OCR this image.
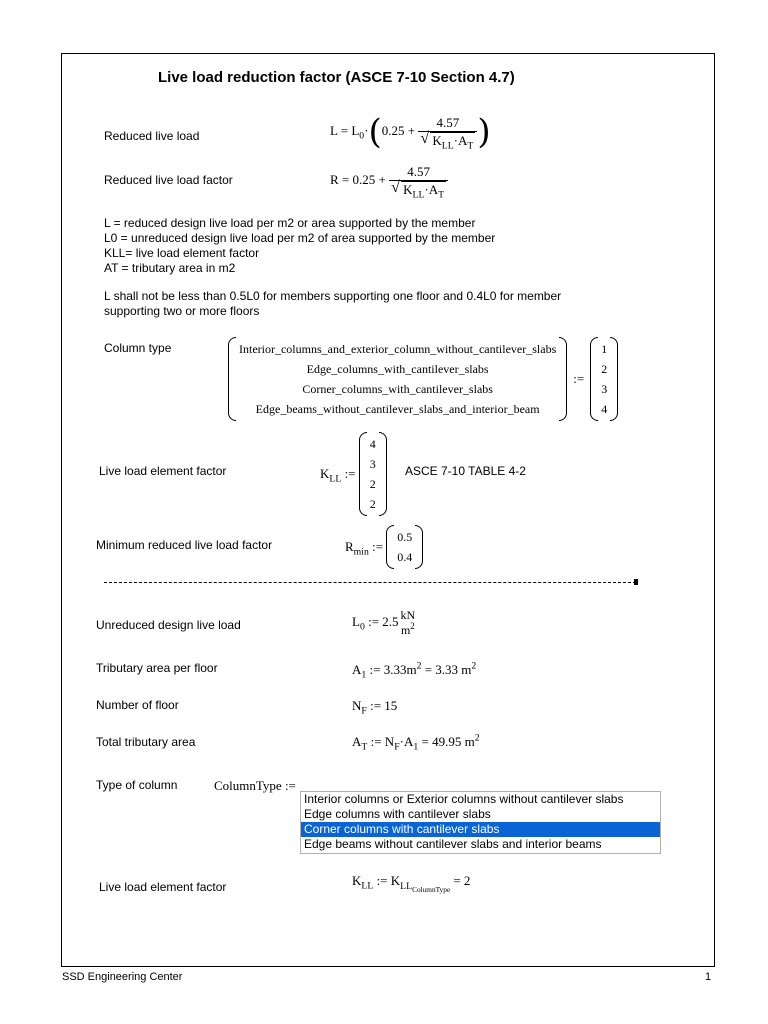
Live load reduction factor (ASCE 7-10 Section 4.7)
Reduced live load	$L = L_0\cdot(0.25 + \frac{4.57}{√ K_{LL}\cdot A_T}$ )
Reduced live load factor	$R = 0.25 + \frac{4.57}{√ K_{LL}\cdot A_T}$
L = reduced design live load per m2 or area supported by the member
L0 = unreduced design live load per m2 of area supported by the member
KLL= live load element factor
AT = tributary area in m2
L shall not be less than 0.5L0 for members supporting one floor and 0.4L0 for member
supporting two or more floors
Column type	Interior_columns_and_exterior_column_without_cantilever_slabs
Edge_columns_with_cantilever_slabs
Corner_columns_with_cantilever_slabs
Edge_beams_without_cantilever_slabs_and_interior_beam
:=
1
2
3
4
Live load element factor	$K_{LL}$ :=
4
3
2
2
ASCE 7-10 TABLE 4-2
Minimum reduced live load factor	$R_{min}$ :=
0.5
0.4
Unreduced design live load	$L_0$ := 2.5 kN
$m^2$
Tributary area per floor	$A_1$ := $3.33m^2 = 3.33$ $m^2$
Number of floor	$N_F$ := 15
Total tributary area	$A_T$ := $N_F\cdot A_1 = 49.95$ $m^2$
Type of column	ColumnType :=
Interior columns or Exterior columns without cantilever slabs
Edge columns with cantilever slabs
Corner columns with cantilever slabs
Edge beams without cantilever slabs and interior beams
Live load element factor	$K_{LL}$ := $K_{LL_{ColumnType}} = 2$
SSD Engineering Center	1
